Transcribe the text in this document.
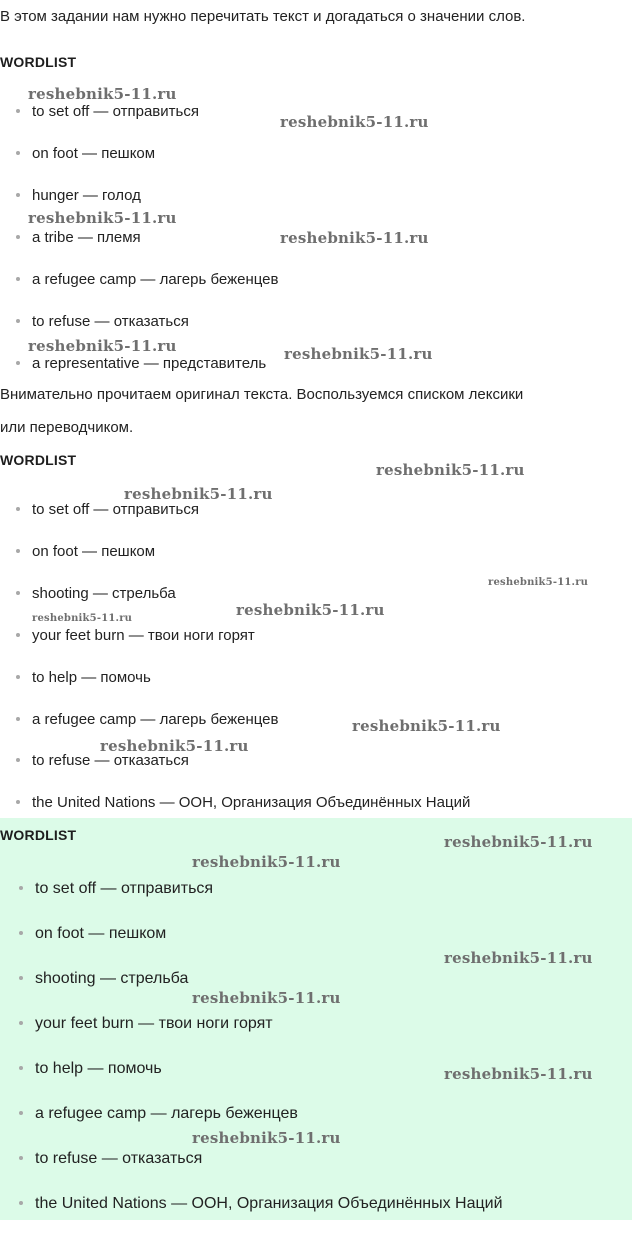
В этом задании нам нужно перечитать текст и догадаться о значении слов.
WORDLIST
to set off — отправиться
on foot — пешком
hunger — голод
a tribe — племя
a refugee camp — лагерь беженцев
to refuse — отказаться
a representative — представитель
Внимательно прочитаем оригинал текста. Воспользуемся списком лексики
или переводчиком.
WORDLIST
to set off — отправиться
on foot — пешком
shooting — стрельба
your feet burn — твои ноги горят
to help — помочь
a refugee camp — лагерь беженцев
to refuse — отказаться
the United Nations — ООН, Организация Объединённых Наций
WORDLIST
to set off — отправиться
on foot — пешком
shooting — стрельба
your feet burn — твои ноги горят
to help — помочь
a refugee camp — лагерь беженцев
to refuse — отказаться
the United Nations — ООН, Организация Объединённых Наций
reshebnik5-11.ru
reshebnik5-11.ru
reshebnik5-11.ru
reshebnik5-11.ru
reshebnik5-11.ru	reshebnik5-11.ru
reshebnik5-11.ru
reshebnik5-11.ru
reshebnik5-11.ru
reshebnik5-11.ru
reshebnik5-11.ru
reshebnik5-11.ru
reshebnik5-11.ru
reshebnik5-11.ru
reshebnik5-11.ru
reshebnik5-11.ru
reshebnik5-11.ru
reshebnik5-11.ru
reshebnik5-11.ru
